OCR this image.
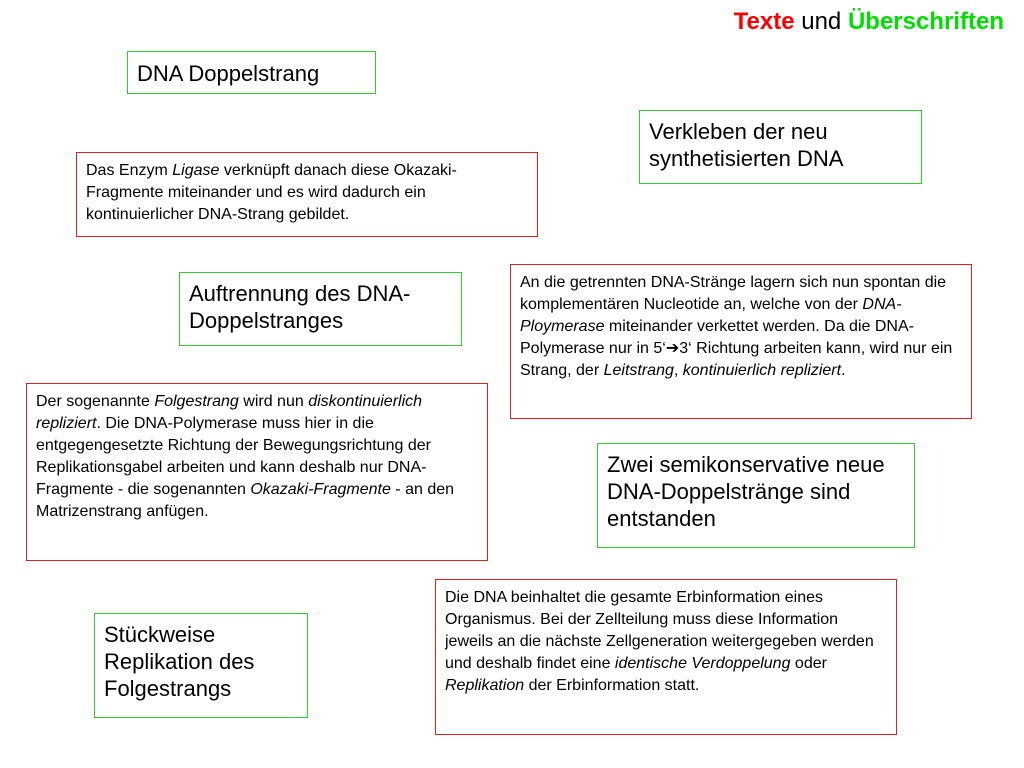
Texte und Überschriften
DNA Doppelstrang
Verkleben der neu synthetisierten DNA
Das Enzym Ligase verknüpft danach diese Okazaki-Fragmente miteinander und es wird dadurch ein kontinuierlicher DNA-Strang gebildet.
Auftrennung des DNA-Doppelstranges
An die getrennten DNA-Stränge lagern sich nun spontan die komplementären Nucleotide an, welche von der DNA-Ploymerase miteinander verkettet werden. Da die DNA-Polymerase nur in 5‘➔3‘ Richtung arbeiten kann, wird nur ein Strang, der Leitstrang, kontinuierlich repliziert.
Der sogenannte Folgestrang wird nun diskontinuierlich repliziert. Die DNA-Polymerase muss hier in die entgegengesetzte Richtung der Bewegungsrichtung der Replikationsgabel arbeiten und kann deshalb nur DNA-Fragmente - die sogenannten Okazaki-Fragmente - an den Matrizenstrang anfügen.
Zwei semikonservative neue DNA-Doppelstränge sind entstanden
Die DNA beinhaltet die gesamte Erbinformation eines Organismus. Bei der Zellteilung muss diese Information jeweils an die nächste Zellgeneration weitergegeben werden und deshalb findet eine identische Verdoppelung oder Replikation der Erbinformation statt.
Stückweise Replikation des Folgestrangs
